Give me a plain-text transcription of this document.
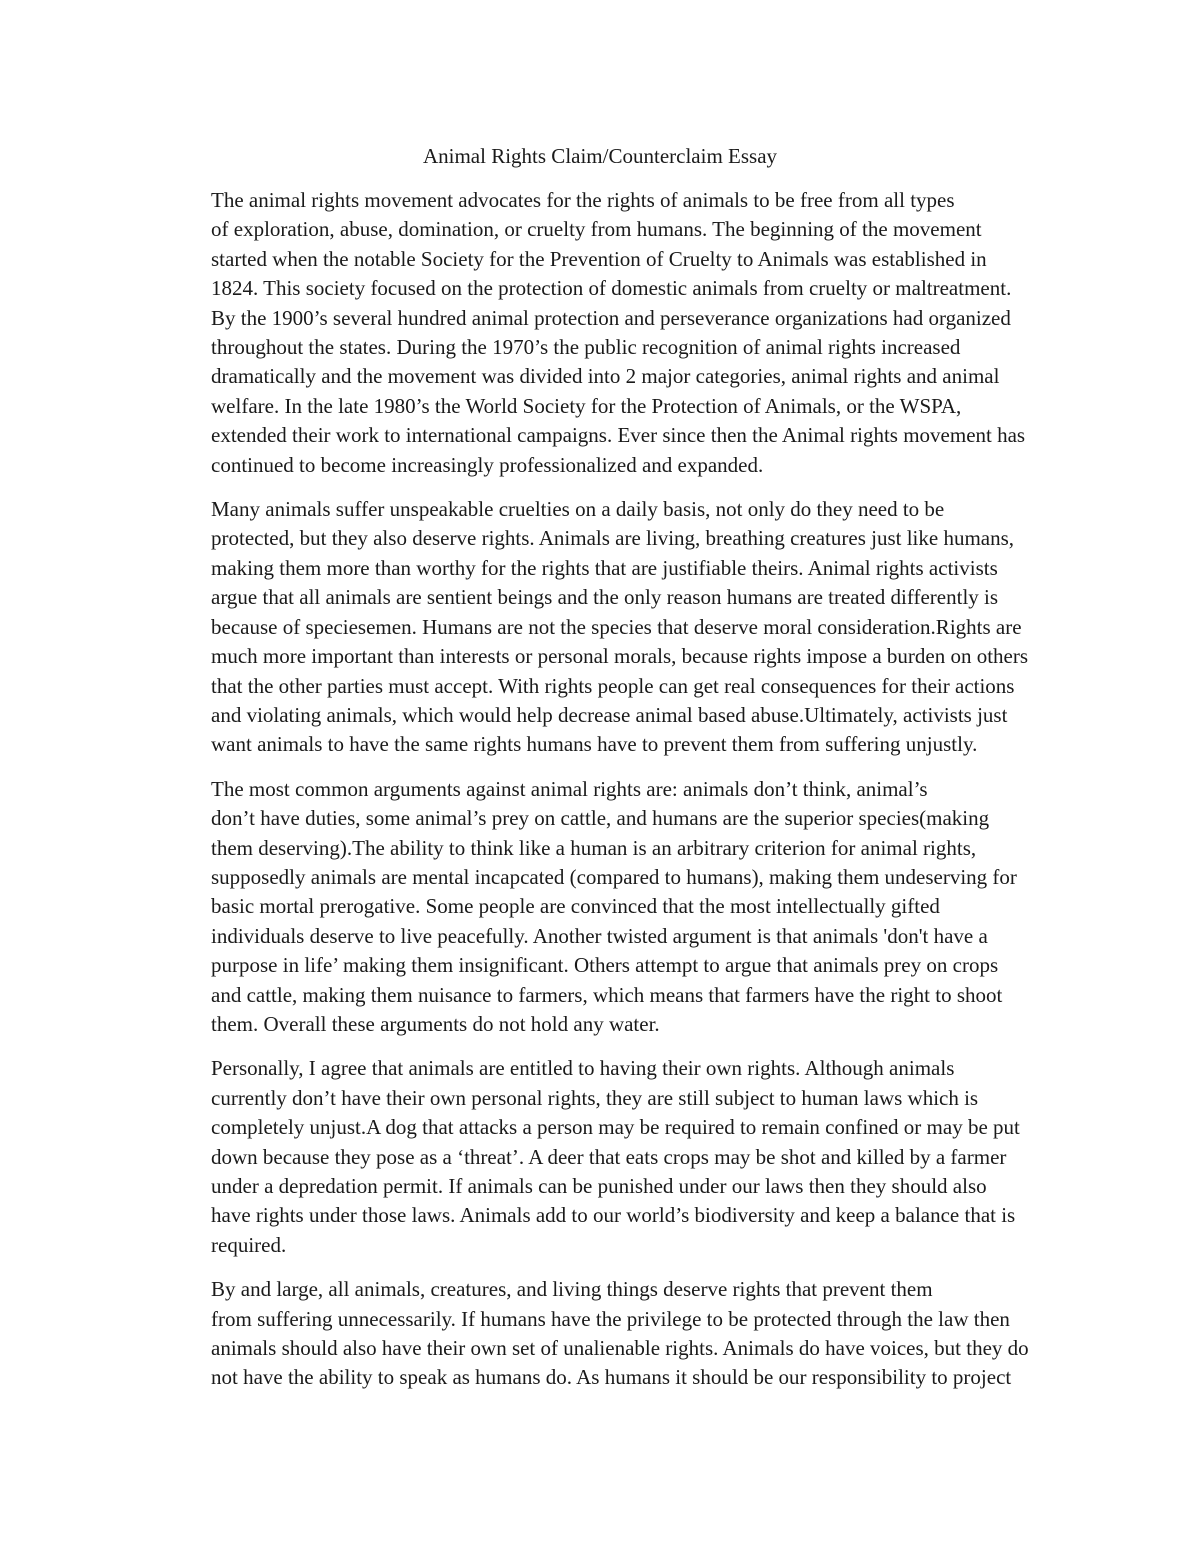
Animal Rights Claim/Counterclaim Essay

The animal rights movement advocates for the rights of animals to be free from all types
of exploration, abuse, domination, or cruelty from humans. The beginning of the movement
started when the notable Society for the Prevention of Cruelty to Animals was established in
1824. This society focused on the protection of domestic animals from cruelty or maltreatment.
By the 1900’s several hundred animal protection and perseverance organizations had organized
throughout the states. During the 1970’s the public recognition of animal rights increased
dramatically and the movement was divided into 2 major categories, animal rights and animal
welfare. In the late 1980’s the World Society for the Protection of Animals, or the WSPA,
extended their work to international campaigns. Ever since then the Animal rights movement has
continued to become increasingly professionalized and expanded.

Many animals suffer unspeakable cruelties on a daily basis, not only do they need to be
protected, but they also deserve rights. Animals are living, breathing creatures just like humans,
making them more than worthy for the rights that are justifiable theirs. Animal rights activists
argue that all animals are sentient beings and the only reason humans are treated differently is
because of speciesemen. Humans are not the species that deserve moral consideration.Rights are
much more important than interests or personal morals, because rights impose a burden on others
that the other parties must accept. With rights people can get real consequences for their actions
and violating animals, which would help decrease animal based abuse.Ultimately, activists just
want animals to have the same rights humans have to prevent them from suffering unjustly.

The most common arguments against animal rights are: animals don’t think, animal’s
don’t have duties, some animal’s prey on cattle, and humans are the superior species(making
them deserving).The ability to think like a human is an arbitrary criterion for animal rights,
supposedly animals are mental incapcated (compared to humans), making them undeserving for
basic mortal prerogative. Some people are convinced that the most intellectually gifted
individuals deserve to live peacefully. Another twisted argument is that animals 'don't have a
purpose in life’ making them insignificant. Others attempt to argue that animals prey on crops
and cattle, making them nuisance to farmers, which means that farmers have the right to shoot
them. Overall these arguments do not hold any water.

Personally, I agree that animals are entitled to having their own rights. Although animals
currently don’t have their own personal rights, they are still subject to human laws which is
completely unjust.A dog that attacks a person may be required to remain confined or may be put
down because they pose as a ‘threat’. A deer that eats crops may be shot and killed by a farmer
under a depredation permit. If animals can be punished under our laws then they should also
have rights under those laws. Animals add to our world’s biodiversity and keep a balance that is
required.

By and large, all animals, creatures, and living things deserve rights that prevent them
from suffering unnecessarily. If humans have the privilege to be protected through the law then
animals should also have their own set of unalienable rights. Animals do have voices, but they do
not have the ability to speak as humans do. As humans it should be our responsibility to project
